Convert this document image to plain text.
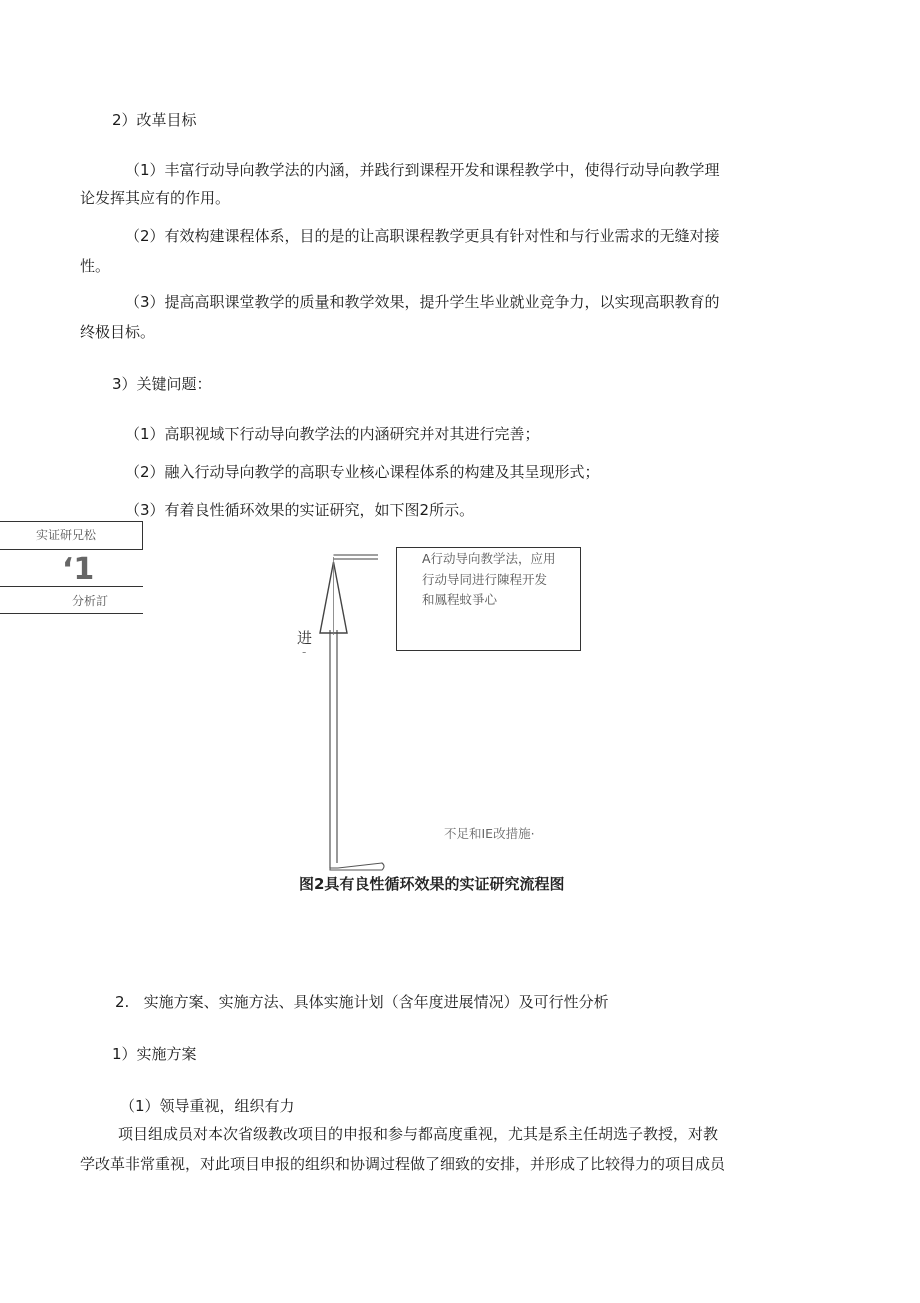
2）改革目标
（1）丰富行动导向教学法的内涵，并践行到课程开发和课程教学中，使得行动导向教学理
论发挥其应有的作用。
（2）有效构建课程体系，目的是的让高职课程教学更具有针对性和与行业需求的无缝对接
性。
（3）提高高职课堂教学的质量和教学效果，提升学生毕业就业竞争力，以实现高职教育的
终极目标。
3）关键问题：
（1）高职视域下行动导向教学法的内涵研究并对其进行完善；
（2）融入行动导向教学的高职专业核心课程体系的构建及其呈现形式；
（3）有着良性循环效果的实证研究，如下图2所示。
实证研兄松
‘1
分析訂
进
-
A行动导向教学法，应用
行动导同进行陳程开发
和鳳程蚊爭心
不足和IE改措施·
图2具有良性循环效果的实证研究流程图
2.   实施方案、实施方法、具体实施计划（含年度进展情况）及可行性分析
1）实施方案
（1）领导重视，组织有力
项目组成员对本次省级教改项目的申报和参与都高度重视，尤其是系主任胡选子教授，对教
学改革非常重视，对此项目申报的组织和协调过程做了细致的安排，并形成了比较得力的项目成员
